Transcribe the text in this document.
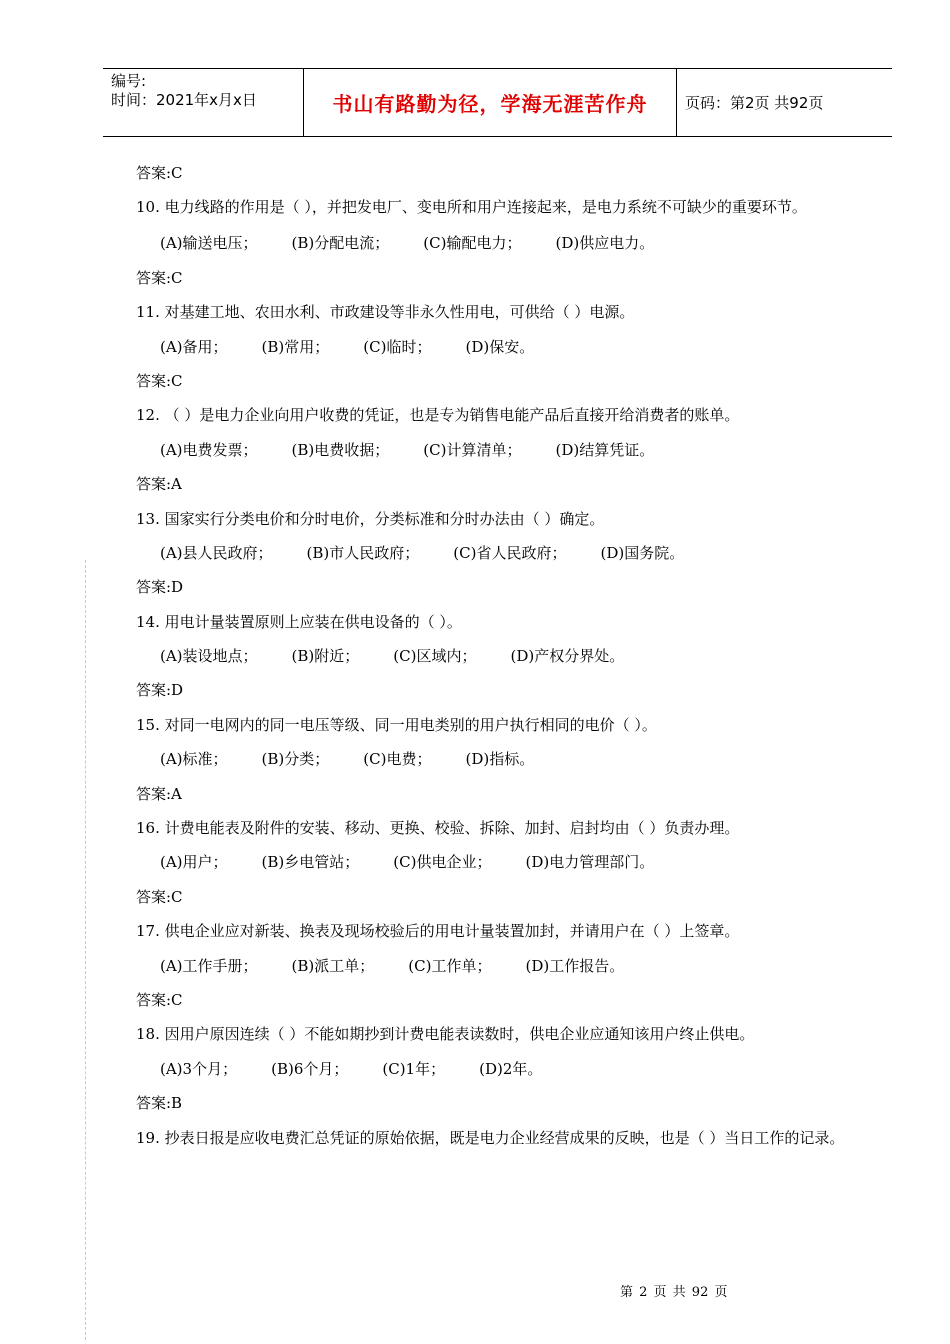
编号:
时间：2021年x月x日	书山有路勤为径，学海无涯苦作舟	页码：第2页 共92页
答案:C
10. 电力线路的作用是（ ），并把发电厂、变电所和用户连接起来，是电力系统不可缺少的重要环节。
(A)输送电压； (B)分配电流； (C)输配电力； (D)供应电力。
答案:C
11. 对基建工地、农田水利、市政建设等非永久性用电，可供给（ ）电源。
(A)备用； (B)常用； (C)临时； (D)保安。
答案:C
12. （ ）是电力企业向用户收费的凭证，也是专为销售电能产品后直接开给消费者的账单。
(A)电费发票； (B)电费收据； (C)计算清单； (D)结算凭证。
答案:A
13. 国家实行分类电价和分时电价，分类标准和分时办法由（ ）确定。
(A)县人民政府； (B)市人民政府； (C)省人民政府； (D)国务院。
答案:D
14. 用电计量装置原则上应装在供电设备的（ ）。
(A)装设地点； (B)附近； (C)区域内； (D)产权分界处。
答案:D
15. 对同一电网内的同一电压等级、同一用电类别的用户执行相同的电价（ ）。
(A)标准； (B)分类； (C)电费； (D)指标。
答案:A
16. 计费电能表及附件的安装、移动、更换、校验、拆除、加封、启封均由（ ）负责办理。
(A)用户； (B)乡电管站； (C)供电企业； (D)电力管理部门。
答案:C
17. 供电企业应对新装、换表及现场校验后的用电计量装置加封，并请用户在（ ）上签章。
(A)工作手册； (B)派工单； (C)工作单； (D)工作报告。
答案:C
18. 因用户原因连续（ ）不能如期抄到计费电能表读数时，供电企业应通知该用户终止供电。
(A)3个月； (B)6个月； (C)1年； (D)2年。
答案:B
19. 抄表日报是应收电费汇总凭证的原始依据，既是电力企业经营成果的反映，也是（ ）当日工作的记录。
第 2 页 共 92 页
